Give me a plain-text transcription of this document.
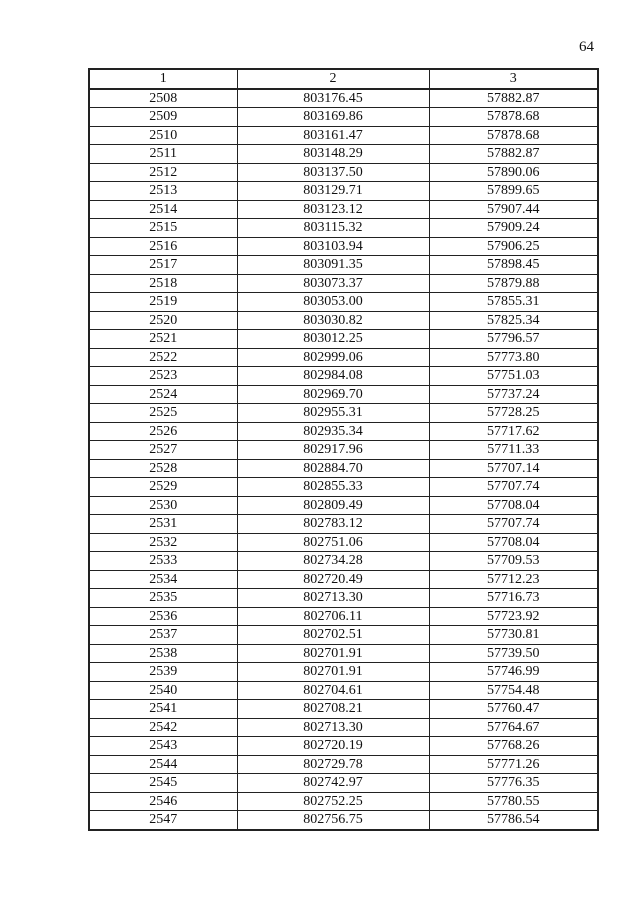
64
1	2	3
2508	803176.45	57882.87
2509	803169.86	57878.68
2510	803161.47	57878.68
2511	803148.29	57882.87
2512	803137.50	57890.06
2513	803129.71	57899.65
2514	803123.12	57907.44
2515	803115.32	57909.24
2516	803103.94	57906.25
2517	803091.35	57898.45
2518	803073.37	57879.88
2519	803053.00	57855.31
2520	803030.82	57825.34
2521	803012.25	57796.57
2522	802999.06	57773.80
2523	802984.08	57751.03
2524	802969.70	57737.24
2525	802955.31	57728.25
2526	802935.34	57717.62
2527	802917.96	57711.33
2528	802884.70	57707.14
2529	802855.33	57707.74
2530	802809.49	57708.04
2531	802783.12	57707.74
2532	802751.06	57708.04
2533	802734.28	57709.53
2534	802720.49	57712.23
2535	802713.30	57716.73
2536	802706.11	57723.92
2537	802702.51	57730.81
2538	802701.91	57739.50
2539	802701.91	57746.99
2540	802704.61	57754.48
2541	802708.21	57760.47
2542	802713.30	57764.67
2543	802720.19	57768.26
2544	802729.78	57771.26
2545	802742.97	57776.35
2546	802752.25	57780.55
2547	802756.75	57786.54
